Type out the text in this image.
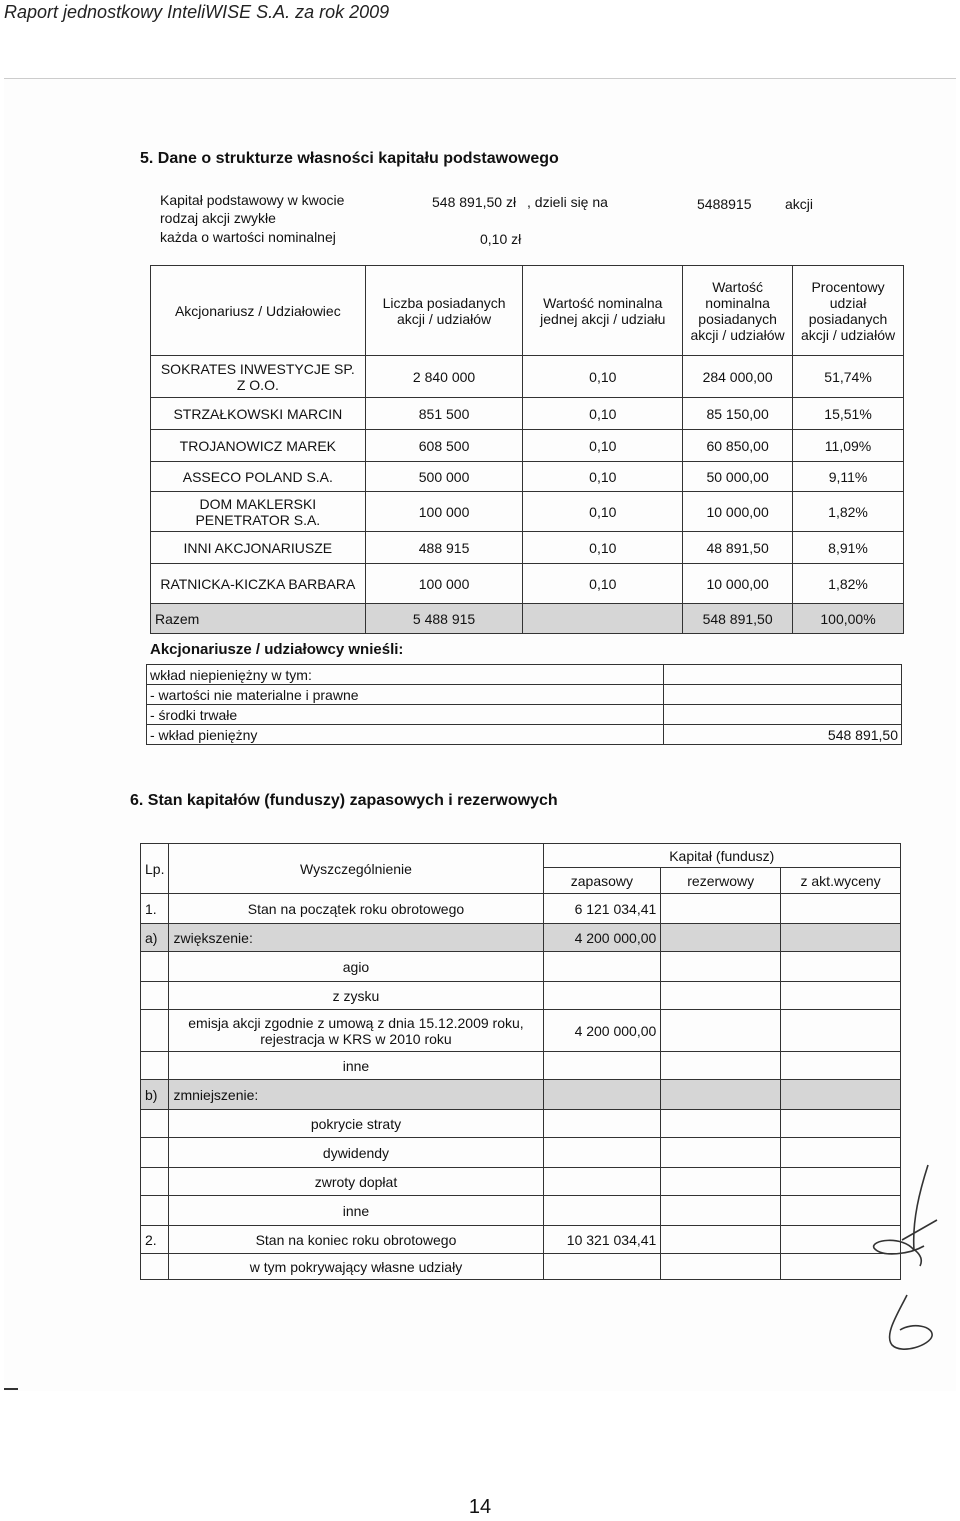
Raport jednostkowy InteliWISE S.A. za rok 2009
5. Dane o strukturze własności kapitału podstawowego
Kapitał podstawowy w kwocie	548 891,50 zł , dzieli się na	5488915 akcji
rodzaj akcji zwykłe
każda o wartości nominalnej	0,10 zł
Akcjonariusz / Udziałowiec	Liczba posiadanych akcji / udziałów	Wartość nominalna jednej akcji / udziału	Wartość nominalna posiadanych akcji / udziałów	Procentowy udział posiadanych akcji / udziałów
SOKRATES INWESTYCJE SP. Z O.O.	2 840 000	0,10	284 000,00	51,74%
STRZAŁKOWSKI MARCIN	851 500	0,10	85 150,00	15,51%
TROJANOWICZ MAREK	608 500	0,10	60 850,00	11,09%
ASSECO POLAND S.A.	500 000	0,10	50 000,00	9,11%
DOM MAKLERSKI PENETRATOR S.A.	100 000	0,10	10 000,00	1,82%
INNI AKCJONARIUSZE	488 915	0,10	48 891,50	8,91%
RATNICKA-KICZKA BARBARA	100 000	0,10	10 000,00	1,82%
Razem	5 488 915		548 891,50	100,00%
Akcjonariusze / udziałowcy wnieśli:
wkład niepieniężny w tym:	
- wartości nie materialne i prawne	
- środki trwałe	
- wkład pieniężny	548 891,50
6. Stan kapitałów (funduszy) zapasowych i rezerwowych
Lp.	Wyszczególnienie	Kapitał (fundusz)		
		zapasowy	rezerwowy	z akt.wyceny
1.	Stan na początek roku obrotowego	6 121 034,41		
a)	zwiększenie:	4 200 000,00		
	agio			
	z zysku			
	emisja akcji zgodnie z umową z dnia 15.12.2009 roku, rejestracja w KRS w 2010 roku	4 200 000,00		
	inne			
b)	zmniejszenie:			
	pokrycie straty			
	dywidendy			
	zwroty dopłat			
	inne			
2.	Stan na koniec roku obrotowego	10 321 034,41		
	w tym pokrywający własne udziały			
14
